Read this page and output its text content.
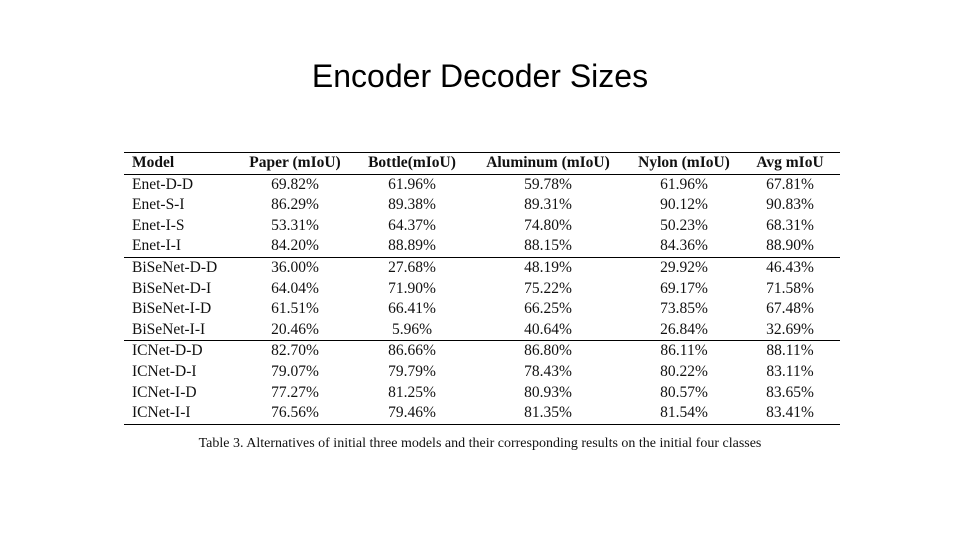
Encoder Decoder Sizes
Model	Paper (mIoU)	Bottle(mIoU)	Aluminum (mIoU)	Nylon (mIoU)	Avg mIoU
Enet-D-D	69.82%	61.96%	59.78%	61.96%	67.81%
Enet-S-I	86.29%	89.38%	89.31%	90.12%	90.83%
Enet-I-S	53.31%	64.37%	74.80%	50.23%	68.31%
Enet-I-I	84.20%	88.89%	88.15%	84.36%	88.90%
BiSeNet-D-D	36.00%	27.68%	48.19%	29.92%	46.43%
BiSeNet-D-I	64.04%	71.90%	75.22%	69.17%	71.58%
BiSeNet-I-D	61.51%	66.41%	66.25%	73.85%	67.48%
BiSeNet-I-I	20.46%	5.96%	40.64%	26.84%	32.69%
ICNet-D-D	82.70%	86.66%	86.80%	86.11%	88.11%
ICNet-D-I	79.07%	79.79%	78.43%	80.22%	83.11%
ICNet-I-D	77.27%	81.25%	80.93%	80.57%	83.65%
ICNet-I-I	76.56%	79.46%	81.35%	81.54%	83.41%
Table 3. Alternatives of initial three models and their corresponding results on the initial four classes
